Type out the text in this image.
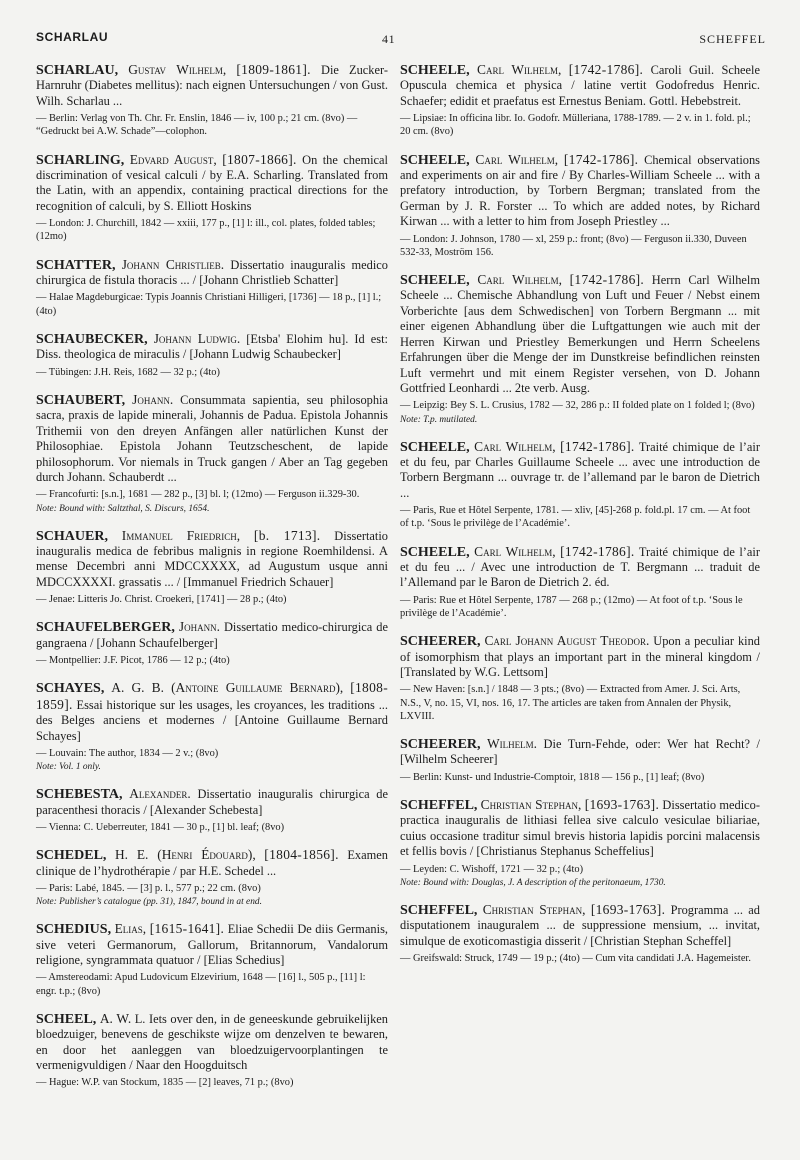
SCHARLAU	41	SCHEFFEL
SCHARLAU, Gustav Wilhelm, [1809-1861]. Die Zucker-Harnruhr (Diabetes mellitus): nach eignen Untersuchungen / von Gust. Wilh. Scharlau ...
— Berlin: Verlag von Th. Chr. Fr. Enslin, 1846 — iv, 100 p.; 21 cm. (8vo) — “Gedruckt bei A.W. Schade”—colophon.
SCHARLING, Edvard August, [1807-1866]. On the chemical discrimination of vesical calculi / by E.A. Scharling. Translated from the Latin, with an appendix, containing practical directions for the recognition of calculi, by S. Elliott Hoskins
— London: J. Churchill, 1842 — xxiii, 177 p., [1] l: ill., col. plates, folded tables; (12mo)
SCHATTER, Johann Christlieb. Dissertatio inauguralis medico chirurgica de fistula thoracis ... / [Johann Christlieb Schatter]
— Halae Magdeburgicae: Typis Joannis Christiani Hilligeri, [1736] — 18 p., [1] l.; (4to)
SCHAUBECKER, Johann Ludwig. [Etsba' Elohim hu]. Id est: Diss. theologica de miraculis / [Johann Ludwig Schaubecker]
— Tübingen: J.H. Reis, 1682 — 32 p.; (4to)
SCHAUBERT, Johann. Consummata sapientia, seu philosophia sacra, praxis de lapide minerali, Johannis de Padua. Epistola Johannis Trithemii von den dreyen Anfängen aller natürlichen Kunst der Philosophiae. Epistola Johann Teutzscheschent, de lapide philosophorum. Vor niemals in Truck gangen / Aber an Tag gegeben durch Johann. Schauberdt ...
— Francofurti: [s.n.], 1681 — 282 p., [3] bl. l; (12mo) — Ferguson ii.329-30.
Note: Bound with: Saltzthal, S. Discurs, 1654.
SCHAUER, Immanuel Friedrich, [b. 1713]. Dissertatio inauguralis medica de febribus malignis in regione Roemhildensi. A mense Decembri anni MDCCXXXX, ad Augustum usque anni MDCCXXXXI. grassatis ... / [Immanuel Friedrich Schauer]
— Jenae: Litteris Jo. Christ. Croekeri, [1741] — 28 p.; (4to)
SCHAUFELBERGER, Johann. Dissertatio medico-chirurgica de gangraena / [Johann Schaufelberger]
— Montpellier: J.F. Picot, 1786 — 12 p.; (4to)
SCHAYES, A. G. B. (Antoine Guillaume Bernard), [1808-1859]. Essai historique sur les usages, les croyances, les traditions ... des Belges anciens et modernes / [Antoine Guillaume Bernard Schayes]
— Louvain: The author, 1834 — 2 v.; (8vo)
Note: Vol. 1 only.
SCHEBESTA, Alexander. Dissertatio inauguralis chirurgica de paracenthesi thoracis / [Alexander Schebesta]
— Vienna: C. Ueberreuter, 1841 — 30 p., [1] bl. leaf; (8vo)
SCHEDEL, H. E. (Henri Édouard), [1804-1856]. Examen clinique de l’hydrothérapie / par H.E. Schedel ...
— Paris: Labé, 1845. — [3] p. l., 577 p.; 22 cm. (8vo)
Note: Publisher’s catalogue (pp. 31), 1847, bound in at end.
SCHEDIUS, Elias, [1615-1641]. Eliae Schedii De diis Germanis, sive veteri Germanorum, Gallorum, Britannorum, Vandalorum religione, syngrammata quatuor / [Elias Schedius]
— Amstereodami: Apud Ludovicum Elzevirium, 1648 — [16] l., 505 p., [11] l: engr. t.p.; (8vo)
SCHEEL, A. W. L. Iets over den, in de geneeskunde gebruikelijken bloedzuiger, benevens de geschikste wijze om denzelven te bewaren, en door het aanleggen van bloedzuigervoorplantingen te vermenigvuldigen / Naar den Hoogduitsch
— Hague: W.P. van Stockum, 1835 — [2] leaves, 71 p.; (8vo)
SCHEELE, Carl Wilhelm, [1742-1786]. Caroli Guil. Scheele Opuscula chemica et physica / latine vertit Godofredus Henric. Schaefer; edidit et praefatus est Ernestus Beniam. Gottl. Hebebstreit.
— Lipsiae: In officina libr. Io. Godofr. Mülleriana, 1788-1789. — 2 v. in 1. fold. pl.; 20 cm. (8vo)
SCHEELE, Carl Wilhelm, [1742-1786]. Chemical observations and experiments on air and fire / By Charles-William Scheele ... with a prefatory introduction, by Torbern Bergman; translated from the German by J. R. Forster ... To which are added notes, by Richard Kirwan ... with a letter to him from Joseph Priestley ...
— London: J. Johnson, 1780 — xl, 259 p.: front; (8vo) — Ferguson ii.330, Duveen 532-33, Moström 156.
SCHEELE, Carl Wilhelm, [1742-1786]. Herrn Carl Wilhelm Scheele ... Chemische Abhandlung von Luft und Feuer / Nebst einem Vorberichte [aus dem Schwedischen] von Torbern Bergmann ... mit einer eigenen Abhandlung über die Luftgattungen wie auch mit der Herren Kirwan und Priestley Bemerkungen und Herrn Scheelens Erfahrungen über die Menge der im Dunstkreise befindlichen reinsten Luft vermehrt und mit einem Register versehen, von D. Johann Gottfried Leonhardi ... 2te verb. Ausg.
— Leipzig: Bey S. L. Crusius, 1782 — 32, 286 p.: II folded plate on 1 folded l; (8vo)
Note: T.p. mutilated.
SCHEELE, Carl Wilhelm, [1742-1786]. Traité chimique de l’air et du feu, par Charles Guillaume Scheele ... avec une introduction de Torbern Bergmann ... ouvrage tr. de l’allemand par le baron de Dietrich ...
— Paris, Rue et Hôtel Serpente, 1781. — xliv, [45]-268 p. fold.pl. 17 cm. — At foot of t.p. ‘Sous le privilège de l’Académie’.
SCHEELE, Carl Wilhelm, [1742-1786]. Traité chimique de l’air et du feu ... / Avec une introduction de T. Bergmann ... traduit de l’Allemand par le Baron de Dietrich 2. éd.
— Paris: Rue et Hôtel Serpente, 1787 — 268 p.; (12mo) — At foot of t.p. ‘Sous le privilège de l’Académie’.
SCHEERER, Carl Johann August Theodor. Upon a peculiar kind of isomorphism that plays an important part in the mineral kingdom / [Translated by W.G. Lettsom]
— New Haven: [s.n.] / 1848 — 3 pts.; (8vo) — Extracted from Amer. J. Sci. Arts, N.S., V, no. 15, VI, nos. 16, 17. The articles are taken from Annalen der Physik, LXVIII.
SCHEERER, Wilhelm. Die Turn-Fehde, oder: Wer hat Recht? / [Wilhelm Scheerer]
— Berlin: Kunst- und Industrie-Comptoir, 1818 — 156 p., [1] leaf; (8vo)
SCHEFFEL, Christian Stephan, [1693-1763]. Dissertatio medico-practica inauguralis de lithiasi fellea sive calculo vesiculae biliariae, cuius occasione traditur simul brevis historia lapidis porcini malacensis et fellis bovis / [Christianus Stephanus Scheffelius]
— Leyden: C. Wishoff, 1721 — 32 p.; (4to)
Note: Bound with: Douglas, J. A description of the peritonaeum, 1730.
SCHEFFEL, Christian Stephan, [1693-1763]. Programma ... ad disputationem inauguralem ... de suppressione mensium, ... invitat, simulque de exoticomastigia disserit / [Christian Stephan Scheffel]
— Greifswald: Struck, 1749 — 19 p.; (4to) — Cum vita candidati J.A. Hagemeister.
